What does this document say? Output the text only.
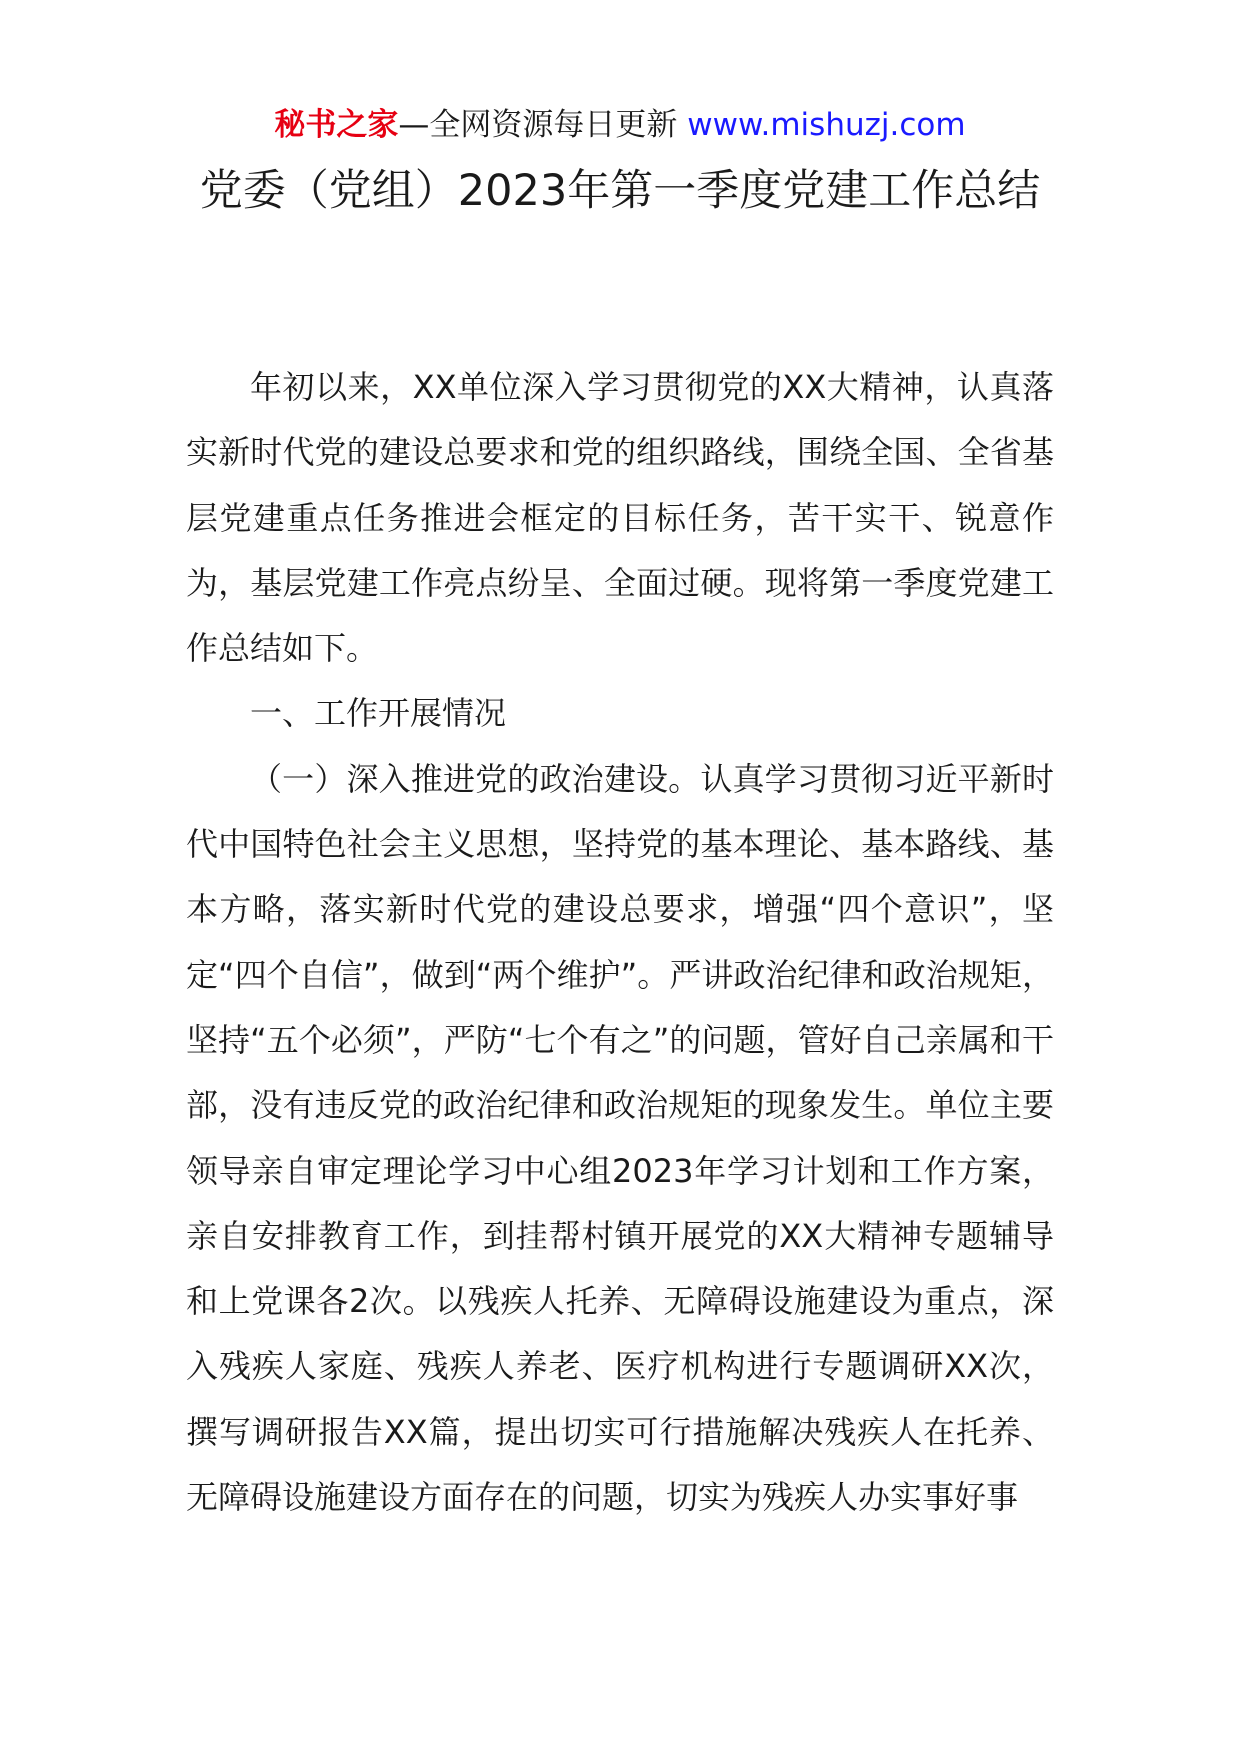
秘书之家—全网资源每日更新 www.mishuzj.com
党委（党组）2023年第一季度党建工作总结

年初以来，XX单位深入学习贯彻党的XX大精神，认真落实新时代党的建设总要求和党的组织路线，围绕全国、全省基层党建重点任务推进会框定的目标任务，苦干实干、锐意作为，基层党建工作亮点纷呈、全面过硬。现将第一季度党建工作总结如下。

一、工作开展情况

（一）深入推进党的政治建设。认真学习贯彻习近平新时代中国特色社会主义思想，坚持党的基本理论、基本路线、基本方略，落实新时代党的建设总要求，增强“四个意识”，坚定“四个自信”，做到“两个维护”。严讲政治纪律和政治规矩，坚持“五个必须”，严防“七个有之”的问题，管好自己亲属和干部，没有违反党的政治纪律和政治规矩的现象发生。单位主要领导亲自审定理论学习中心组2023年学习计划和工作方案，亲自安排教育工作，到挂帮村镇开展党的XX大精神专题辅导和上党课各2次。以残疾人托养、无障碍设施建设为重点，深入残疾人家庭、残疾人养老、医疗机构进行专题调研XX次，撰写调研报告XX篇，提出切实可行措施解决残疾人在托养、无障碍设施建设方面存在的问题，切实为残疾人办实事好事
